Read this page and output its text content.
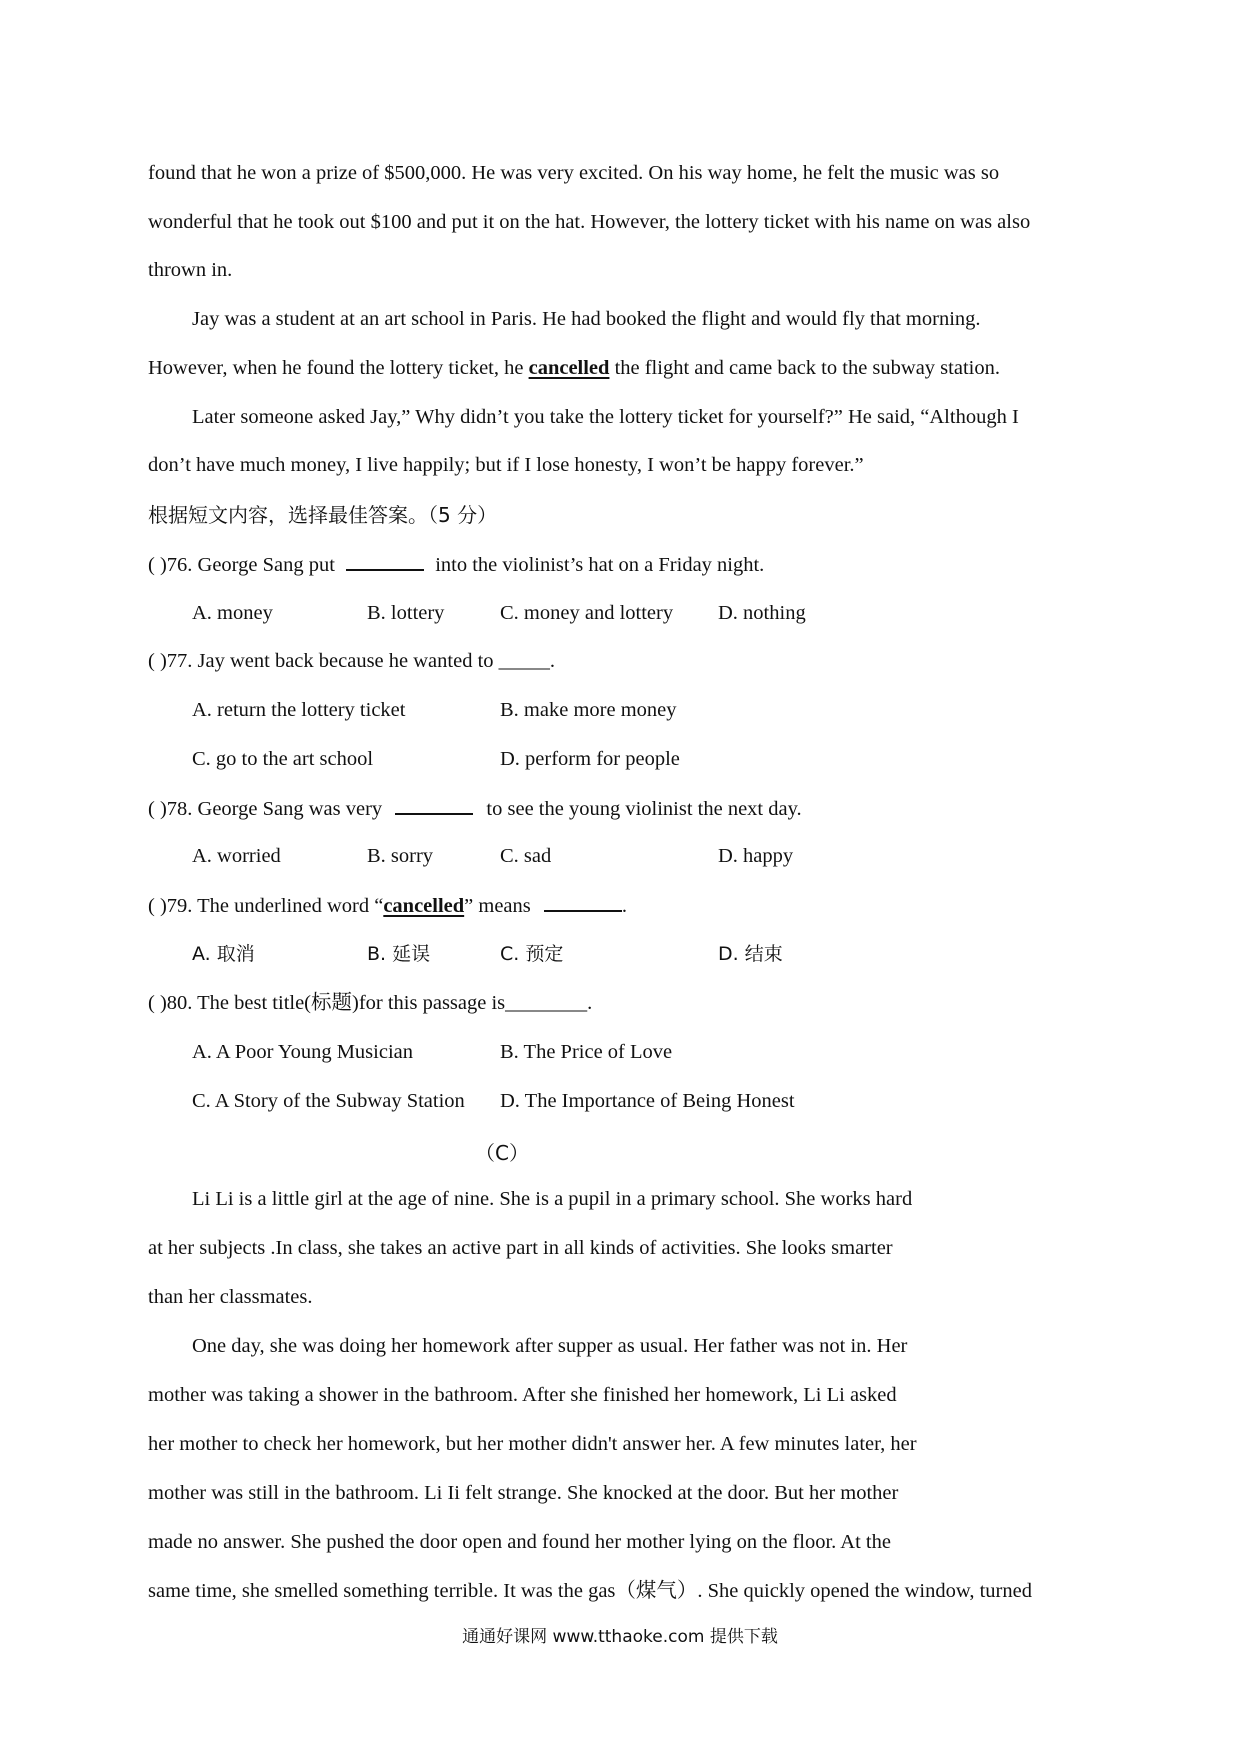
found that he won a prize of $500,000. He was very excited. On his way home, he felt the music was so
wonderful that he took out $100 and put it on the hat. However, the lottery ticket with his name on was also
thrown in.
Jay was a student at an art school in Paris. He had booked the flight and would fly that morning.
However, when he found the lottery ticket, he cancelled the flight and came back to the subway station.
Later someone asked Jay,” Why didn’t you take the lottery ticket for yourself?” He said, “Although I
don’t have much money, I live happily; but if I lose honesty, I won’t be happy forever.”
根据短文内容，选择最佳答案。（5 分）
( )76. George Sang put	into the violinist’s hat on a Friday night.
A. money	B. lottery	C. money and lottery D. nothing
( )77. Jay went back because he wanted to _____.
A. return the lottery ticket	B. make more money
C. go to the art school	D. perform for people
( )78. George Sang was very	to see the young violinist the next day.
A. worried	B. sorry	C. sad	D. happy
( )79. The underlined word “cancelled” means	.
A. 取消	B. 延误	C. 预定	D. 结束
( )80. The best title(标题)for this passage is________.
A. A Poor Young Musician	B. The Price of Love
C. A Story of the Subway Station D. The Importance of Being Honest
（C）
Li Li is a little girl at the age of nine. She is a pupil in a primary school. She works hard
at her subjects .In class, she takes an active part in all kinds of activities. She looks smarter
than her classmates.
One day, she was doing her homework after supper as usual. Her father was not in. Her
mother was taking a shower in the bathroom. After she finished her homework, Li Li asked
her mother to check her homework, but her mother didn't answer her. A few minutes later, her
mother was still in the bathroom. Li Ii felt strange. She knocked at the door. But her mother
made no answer. She pushed the door open and found her mother lying on the floor. At the
same time, she smelled something terrible. It was the gas（煤气）. She quickly opened the window, turned
通通好课网 www.tthaoke.com 提供下载
